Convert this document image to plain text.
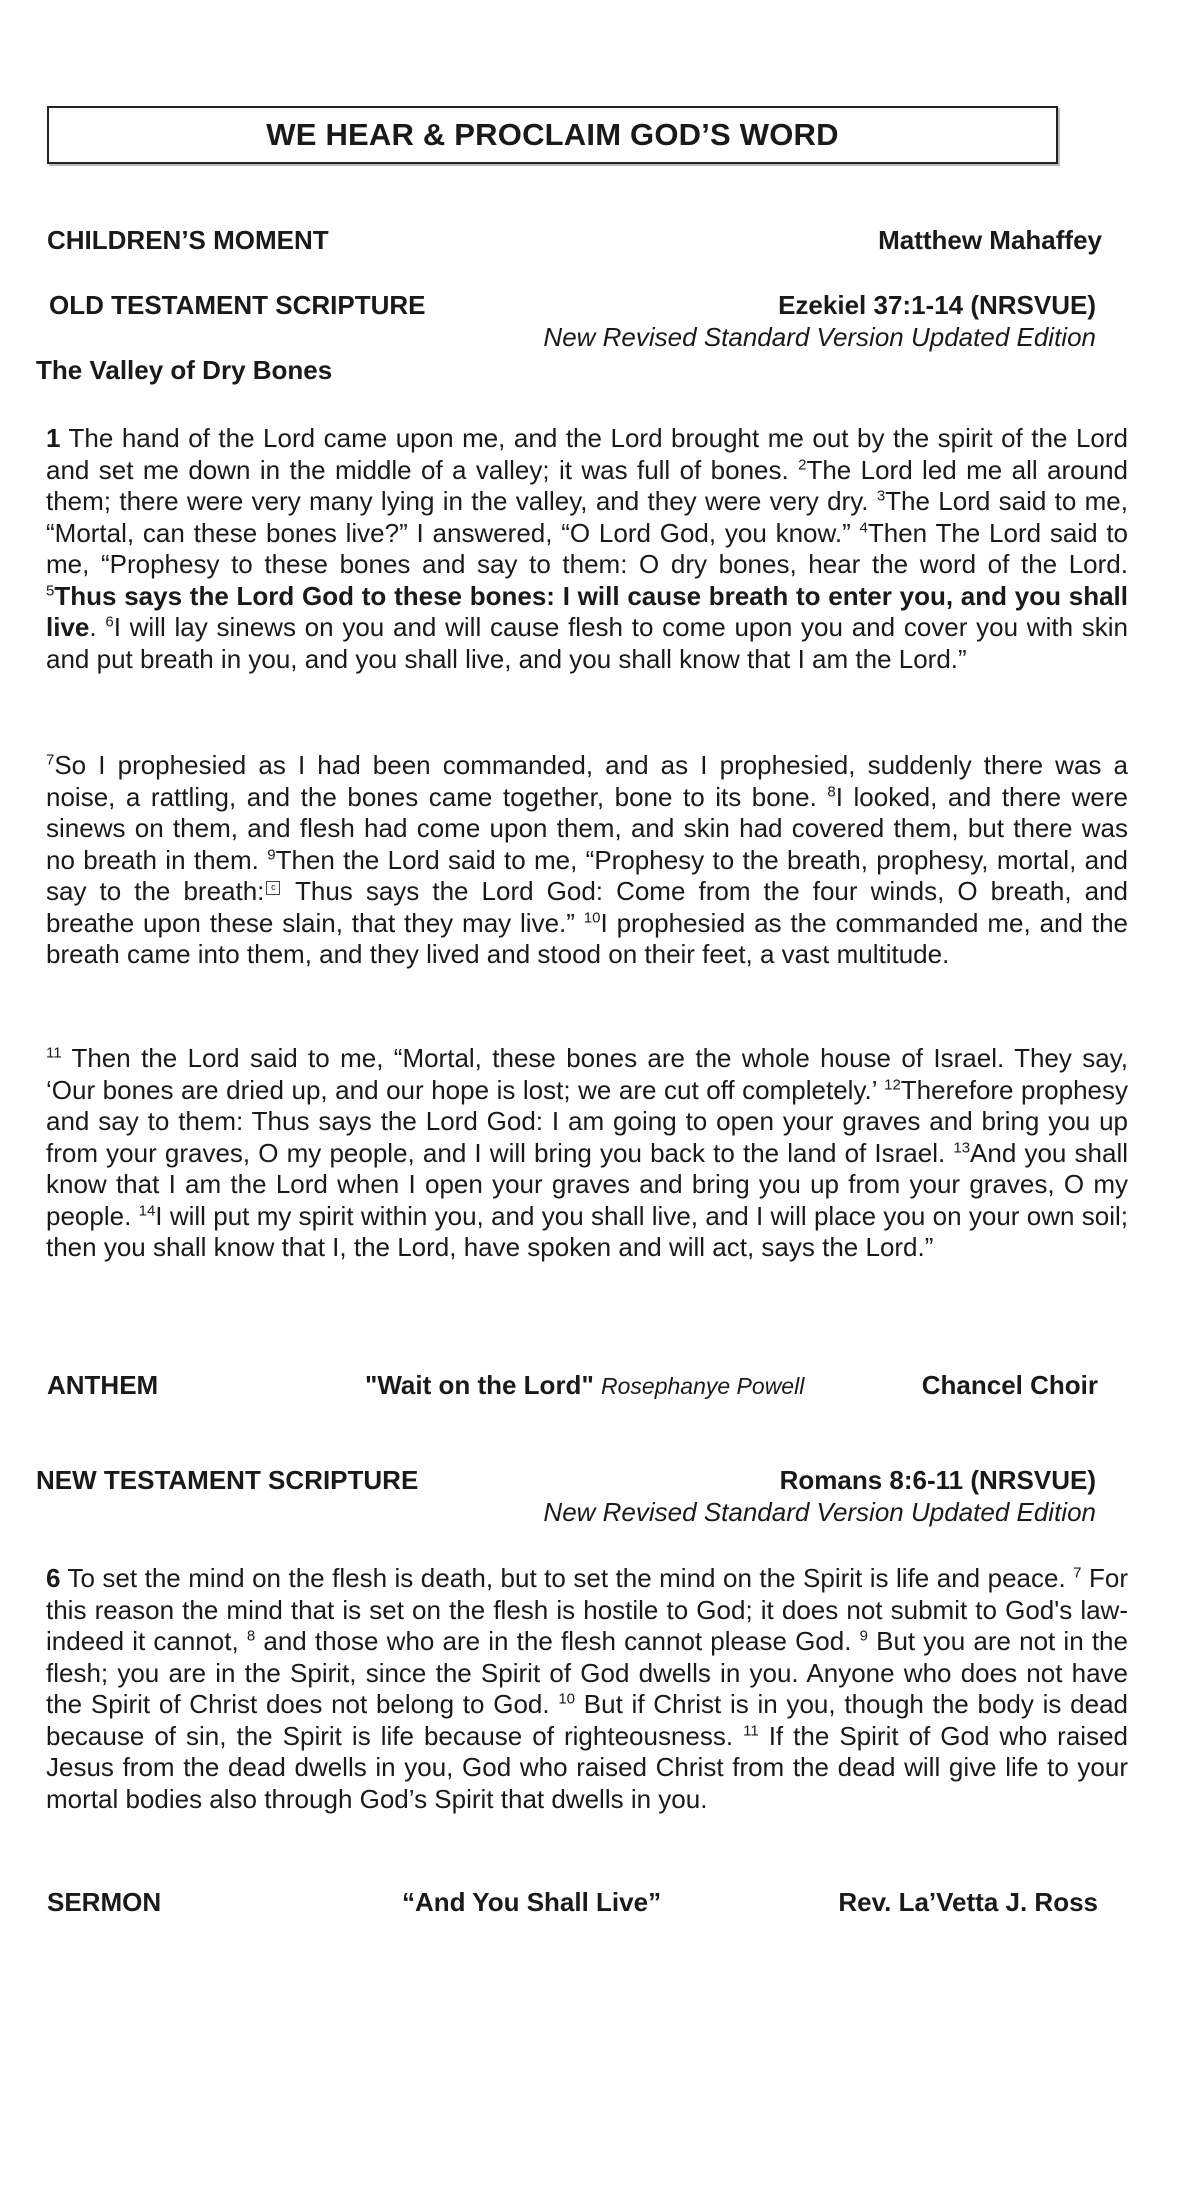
WE HEAR & PROCLAIM GOD’S WORD
CHILDREN’S MOMENT	Matthew Mahaffey
OLD TESTAMENT SCRIPTURE	Ezekiel 37:1-14 (NRSVUE)
New Revised Standard Version Updated Edition
The Valley of Dry Bones

1 The hand of the Lord came upon me, and the Lord brought me out by the spirit of the Lord and set me down in the middle of a valley; it was full of bones. $^2$The Lord led me all around them; there were very many lying in the valley, and they were very dry. $^3$The Lord said to me, “Mortal, can these bones live?” I answered, “O Lord God, you know.” $^4$Then The Lord said to me, “Prophesy to these bones and say to them: O dry bones, hear the word of the Lord. $^5$Thus says the Lord God to these bones: I will cause breath to enter you, and you shall live. $^6$I will lay sinews on you and will cause flesh to come upon you and cover you with skin and put breath in you, and you shall live, and you shall know that I am the Lord.”

$^7$So I prophesied as I had been commanded, and as I prophesied, suddenly there was a noise, a rattling, and the bones came together, bone to its bone. $^8$I looked, and there were sinews on them, and flesh had come upon them, and skin had covered them, but there was no breath in them. $^9$Then the Lord said to me, “Prophesy to the breath, prophesy, mortal, and say to the breath: c Thus says the Lord God: Come from the four winds, O breath, and breathe upon these slain, that they may live.” $^{10}$I prophesied as the commanded me, and the breath came into them, and they lived and stood on their feet, a vast multitude.

$^{11}$ Then the Lord said to me, “Mortal, these bones are the whole house of Israel. They say, ‘Our bones are dried up, and our hope is lost; we are cut off completely.’ $^{12}$Therefore prophesy and say to them: Thus says the Lord God: I am going to open your graves and bring you up from your graves, O my people, and I will bring you back to the land of Israel. $^{13}$And you shall know that I am the Lord when I open your graves and bring you up from your graves, O my people. $^{14}$I will put my spirit within you, and you shall live, and I will place you on your own soil; then you shall know that I, the Lord, have spoken and will act, says the Lord.”

ANTHEM	"Wait on the Lord" Rosephanye Powell	Chancel Choir
NEW TESTAMENT SCRIPTURE	Romans 8:6-11 (NRSVUE)
New Revised Standard Version Updated Edition

6 To set the mind on the flesh is death, but to set the mind on the Spirit is life and peace. $^7$ For this reason the mind that is set on the flesh is hostile to God; it does not submit to God's law-indeed it cannot, $^8$ and those who are in the flesh cannot please God. $^9$ But you are not in the flesh; you are in the Spirit, since the Spirit of God dwells in you. Anyone who does not have the Spirit of Christ does not belong to God. $^{10}$ But if Christ is in you, though the body is dead because of sin, the Spirit is life because of righteousness. $^{11}$ If the Spirit of God who raised Jesus from the dead dwells in you, God who raised Christ from the dead will give life to your mortal bodies also through God’s Spirit that dwells in you.

SERMON	“And You Shall Live”	Rev. La’Vetta J. Ross
